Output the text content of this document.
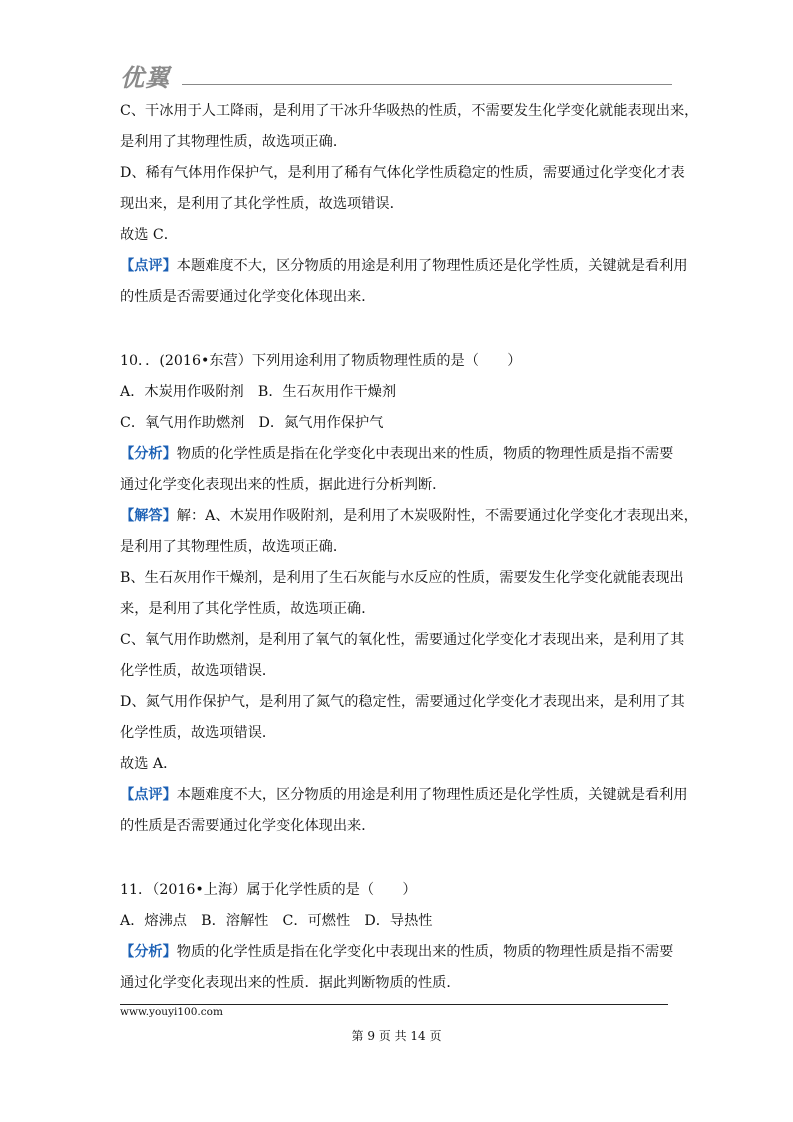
优翼

C、干冰用于人工降雨，是利用了干冰升华吸热的性质，不需要发生化学变化就能表现出来，

是利用了其物理性质，故选项正确．

D、稀有气体用作保护气，是利用了稀有气体化学性质稳定的性质，需要通过化学变化才表

现出来，是利用了其化学性质，故选项错误．

故选 C．

【点评】本题难度不大，区分物质的用途是利用了物理性质还是化学性质，关键就是看利用

的性质是否需要通过化学变化体现出来．

10．．(2016•东营）下列用途利用了物质物理性质的是（　　）

A．木炭用作吸附剂　B．生石灰用作干燥剂

C．氧气用作助燃剂　D．氮气用作保护气

【分析】物质的化学性质是指在化学变化中表现出来的性质，物质的物理性质是指不需要

通过化学变化表现出来的性质，据此进行分析判断．

【解答】解：A、木炭用作吸附剂，是利用了木炭吸附性，不需要通过化学变化才表现出来，

是利用了其物理性质，故选项正确．

B、生石灰用作干燥剂，是利用了生石灰能与水反应的性质，需要发生化学变化就能表现出

来，是利用了其化学性质，故选项正确．

C、氧气用作助燃剂，是利用了氧气的氧化性，需要通过化学变化才表现出来，是利用了其

化学性质，故选项错误．

D、氮气用作保护气，是利用了氮气的稳定性，需要通过化学变化才表现出来，是利用了其

化学性质，故选项错误．

故选 A．

【点评】本题难度不大，区分物质的用途是利用了物理性质还是化学性质，关键就是看利用

的性质是否需要通过化学变化体现出来．

11．（2016•上海）属于化学性质的是（　　）

A．熔沸点　B．溶解性　C．可燃性　D．导热性

【分析】物质的化学性质是指在化学变化中表现出来的性质，物质的物理性质是指不需要

通过化学变化表现出来的性质．据此判断物质的性质．

www.youyi100.com
第 9 页 共 14 页
